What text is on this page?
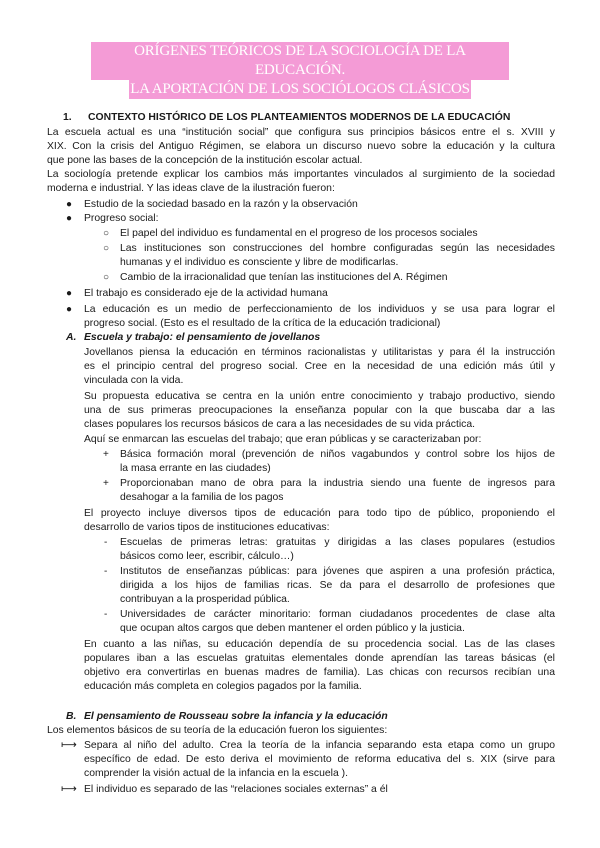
ORÍGENES TEÓRICOS DE LA SOCIOLOGÍA DE LA EDUCACIÓN.
LA APORTACIÓN DE LOS SOCIÓLOGOS CLÁSICOS
1. CONTEXTO HISTÓRICO DE LOS PLANTEAMIENTOS MODERNOS DE LA EDUCACIÓN
La escuela actual es una “institución social” que configura sus principios básicos entre el s. XVIII y
XIX. Con la crisis del Antiguo Régimen, se elabora un discurso nuevo sobre la educación y la cultura
que pone las bases de la concepción de la institución escolar actual.
La sociología pretende explicar los cambios más importantes vinculados al surgimiento de la sociedad
moderna e industrial. Y las ideas clave de la ilustración fueron:
● Estudio de la sociedad basado en la razón y la observación
● Progreso social:
○ El papel del individuo es fundamental en el progreso de los procesos sociales
○ Las instituciones son construcciones del hombre configuradas según las necesidades
humanas y el individuo es consciente y libre de modificarlas.
○ Cambio de la irracionalidad que tenían las instituciones del A. Régimen
● El trabajo es considerado eje de la actividad humana
● La educación es un medio de perfeccionamiento de los individuos y se usa para lograr el
progreso social. (Esto es el resultado de la crítica de la educación tradicional)
A. Escuela y trabajo: el pensamiento de jovellanos
Jovellanos piensa la educación en términos racionalistas y utilitaristas y para él la instrucción
es el principio central del progreso social. Cree en la necesidad de una edición más útil y
vinculada con la vida.
Su propuesta educativa se centra en la unión entre conocimiento y trabajo productivo, siendo
una de sus primeras preocupaciones la enseñanza popular con la que buscaba dar a las
clases populares los recursos básicos de cara a las necesidades de su vida práctica.
Aquí se enmarcan las escuelas del trabajo; que eran públicas y se caracterizaban por:
+ Básica formación moral (prevención de niños vagabundos y control sobre los hijos de
la masa errante en las ciudades)
+ Proporcionaban mano de obra para la industria siendo una fuente de ingresos para
desahogar a la familia de los pagos
El proyecto incluye diversos tipos de educación para todo tipo de público, proponiendo el
desarrollo de varios tipos de instituciones educativas:
- Escuelas de primeras letras: gratuitas y dirigidas a las clases populares (estudios
básicos como leer, escribir, cálculo…)
- Institutos de enseñanzas públicas: para jóvenes que aspiren a una profesión práctica,
dirigida a los hijos de familias ricas. Se da para el desarrollo de profesiones que
contribuyan a la prosperidad pública.
- Universidades de carácter minoritario: forman ciudadanos procedentes de clase alta
que ocupan altos cargos que deben mantener el orden público y la justicia.
En cuanto a las niñas, su educación dependía de su procedencia social. Las de las clases
populares iban a las escuelas gratuitas elementales donde aprendían las tareas básicas (el
objetivo era convertirlas en buenas madres de familia). Las chicas con recursos recibían una
educación más completa en colegios pagados por la familia.
B. El pensamiento de Rousseau sobre la infancia y la educación
Los elementos básicos de su teoría de la educación fueron los siguientes:
⟼ Separa al niño del adulto. Crea la teoría de la infancia separando esta etapa como un grupo
específico de edad. De esto deriva el movimiento de reforma educativa del s. XIX (sirve para
comprender la visión actual de la infancia en la escuela ).
⟼ El individuo es separado de las “relaciones sociales externas” a él
